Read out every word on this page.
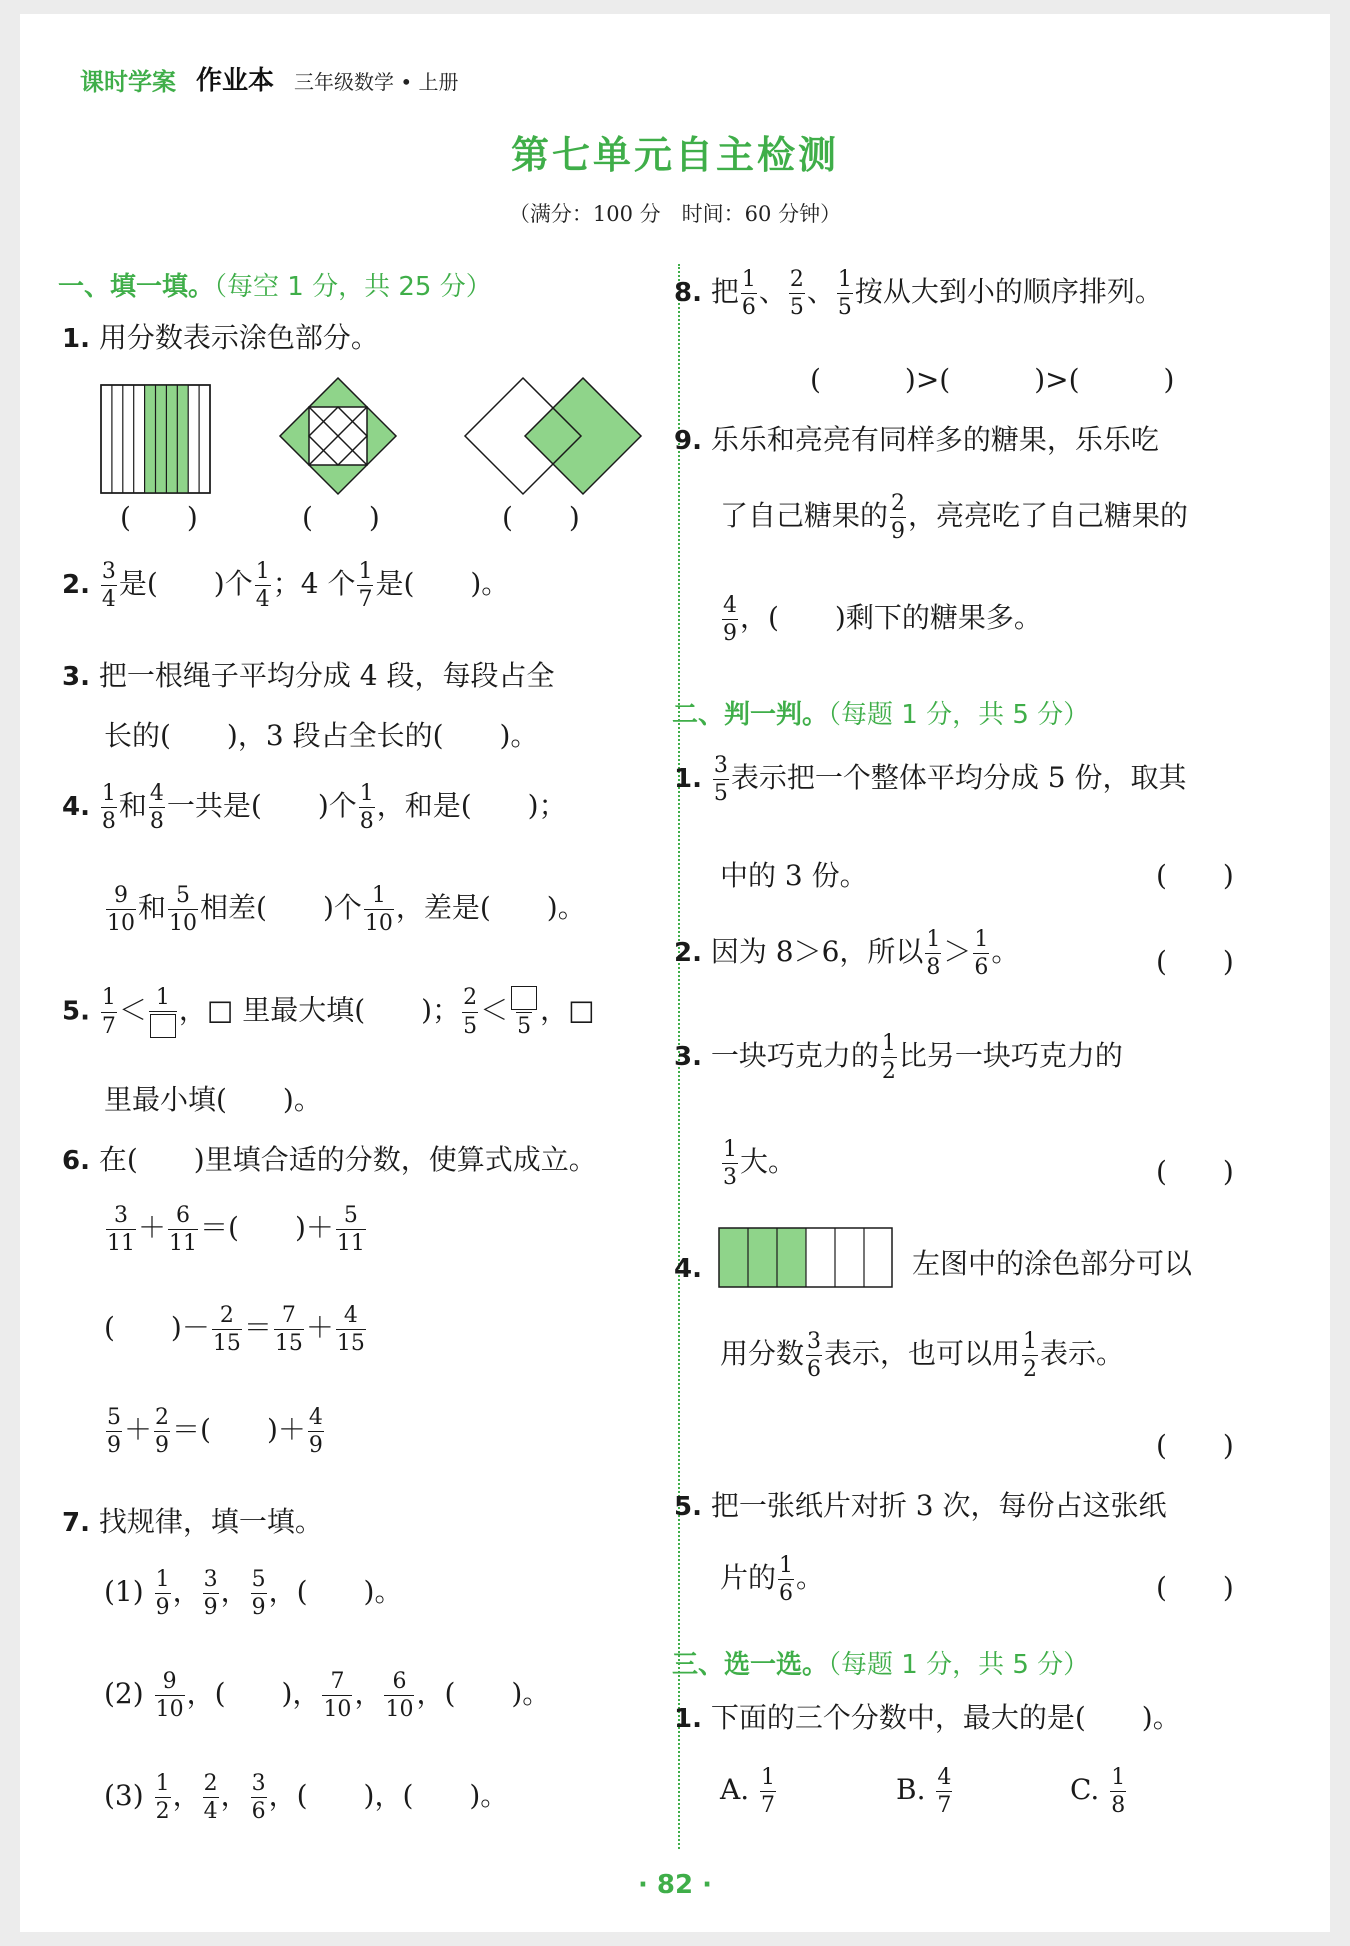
课时学案 作业本 三年级数学 • 上册
第七单元自主检测
（满分：100 分　时间：60 分钟）
一、填一填。（每空 1 分，共 25 分）
1. 用分数表示涂色部分。
(　　)	(　　)	(　　)
2. $\frac{3}{4}$ 是(　　)个 $\frac{1}{4}$ ；4 个 $\frac{1}{7}$ 是(　　)。
3. 把一根绳子平均分成 4 段，每段占全
长的(　　)，3 段占全长的(　　)。
4. $\frac{1}{8}$ 和 $\frac{4}{8}$ 一共是(　　)个 $\frac{1}{8}$ ，和是(　　)；
$\frac{9}{10}$ 和 $\frac{5}{10}$ 相差(　　)个 $\frac{1}{10}$ ，差是(　　)。
5. $\frac{1}{7} < 1$ ，□ 里最大填(　　)； $\frac{2}{5} < 5$ ，□
里最小填(　　)。
6. 在(　　)里填合适的分数，使算式成立。
$\frac{3}{11} + \frac{6}{11}$ ＝(　　)＋ $\frac{5}{11}$
(　　)－ $\frac{2}{15} = \frac{7}{15} + \frac{4}{15}$
$\frac{5}{9} + \frac{2}{9}$ ＝(　　)＋ $\frac{4}{9}$
7. 找规律，填一填。
$(1) \frac{1}{9}$ ， $\frac{3}{9}$ ， $\frac{5}{9}$ ，(　　)。
$(2) \frac{9}{10}$ ，(　　)， $\frac{7}{10}$ ， $\frac{6}{10}$ ，(　　)。
$(3) \frac{1}{2}$ ， $\frac{2}{4}$ ， $\frac{3}{6}$ ，(　　)，(　　)。
8. 把 $\frac{1}{6}$ 、 $\frac{2}{5}$ 、 $\frac{1}{5}$ 按从大到小的顺序排列。
(　　　)>(　　　)>(　　　)
9. 乐乐和亮亮有同样多的糖果，乐乐吃
了自己糖果的 $\frac{2}{9}$ ，亮亮吃了自己糖果的
$\frac{4}{9}$ ，(　　)剩下的糖果多。
二、判一判。（每题 1 分，共 5 分）
1. $\frac{3}{5}$ 表示把一个整体平均分成 5 份，取其
中的 3 份。	(　　)
2. 因为 8＞6，所以 $\frac{1}{8} > \frac{1}{6}$ 。	(　　)
3. 一块巧克力的 $\frac{1}{2}$ 比另一块巧克力的
$\frac{1}{3}$ 大。	(　　)
4.	左图中的涂色部分可以
用分数 $\frac{3}{6}$ 表示，也可以用 $\frac{1}{2}$ 表示。
(　　)
5. 把一张纸片对折 3 次，每份占这张纸
片的 $\frac{1}{6}$ 。	(　　)
三、选一选。（每题 1 分，共 5 分）
1. 下面的三个分数中，最大的是(　　)。
A. $\frac{1}{7}$	B. $\frac{4}{7}$	C. $\frac{1}{8}$
· 82 ·
